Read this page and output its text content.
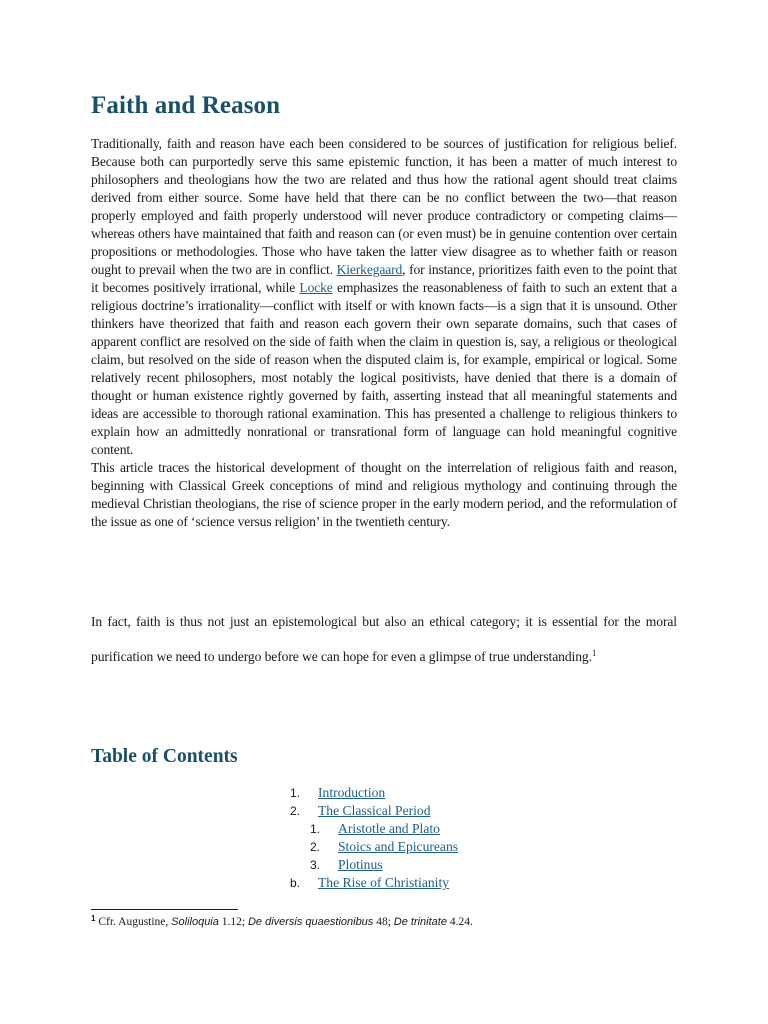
Faith and Reason

Traditionally, faith and reason have each been considered to be sources of justification for religious belief. Because both can purportedly serve this same epistemic function, it has been a matter of much interest to philosophers and theologians how the two are related and thus how the rational agent should treat claims derived from either source. Some have held that there can be no conflict between the two—that reason properly employed and faith properly understood will never produce contradictory or competing claims—whereas others have maintained that faith and reason can (or even must) be in genuine contention over certain propositions or methodologies. Those who have taken the latter view disagree as to whether faith or reason ought to prevail when the two are in conflict. Kierkegaard, for instance, prioritizes faith even to the point that it becomes positively irrational, while Locke emphasizes the reasonableness of faith to such an extent that a religious doctrine’s irrationality—conflict with itself or with known facts—is a sign that it is unsound. Other thinkers have theorized that faith and reason each govern their own separate domains, such that cases of apparent conflict are resolved on the side of faith when the claim in question is, say, a religious or theological claim, but resolved on the side of reason when the disputed claim is, for example, empirical or logical. Some relatively recent philosophers, most notably the logical positivists, have denied that there is a domain of thought or human existence rightly governed by faith, asserting instead that all meaningful statements and ideas are accessible to thorough rational examination. This has presented a challenge to religious thinkers to explain how an admittedly nonrational or transrational form of language can hold meaningful cognitive content.

This article traces the historical development of thought on the interrelation of religious faith and reason, beginning with Classical Greek conceptions of mind and religious mythology and continuing through the medieval Christian theologians, the rise of science proper in the early modern period, and the reformulation of the issue as one of ‘science versus religion’ in the twentieth century.

In fact, faith is thus not just an epistemological but also an ethical category; it is essential for the moral purification we need to undergo before we can hope for even a glimpse of true understanding.$^1$

Table of Contents
1. Introduction
2. The Classical Period
1. Aristotle and Plato
2. Stoics and Epicureans
3. Plotinus
b. The Rise of Christianity
$^1$ Cfr. Augustine, Soliloquia 1.12; De diversis quaestionibus 48; De trinitate 4.24.
